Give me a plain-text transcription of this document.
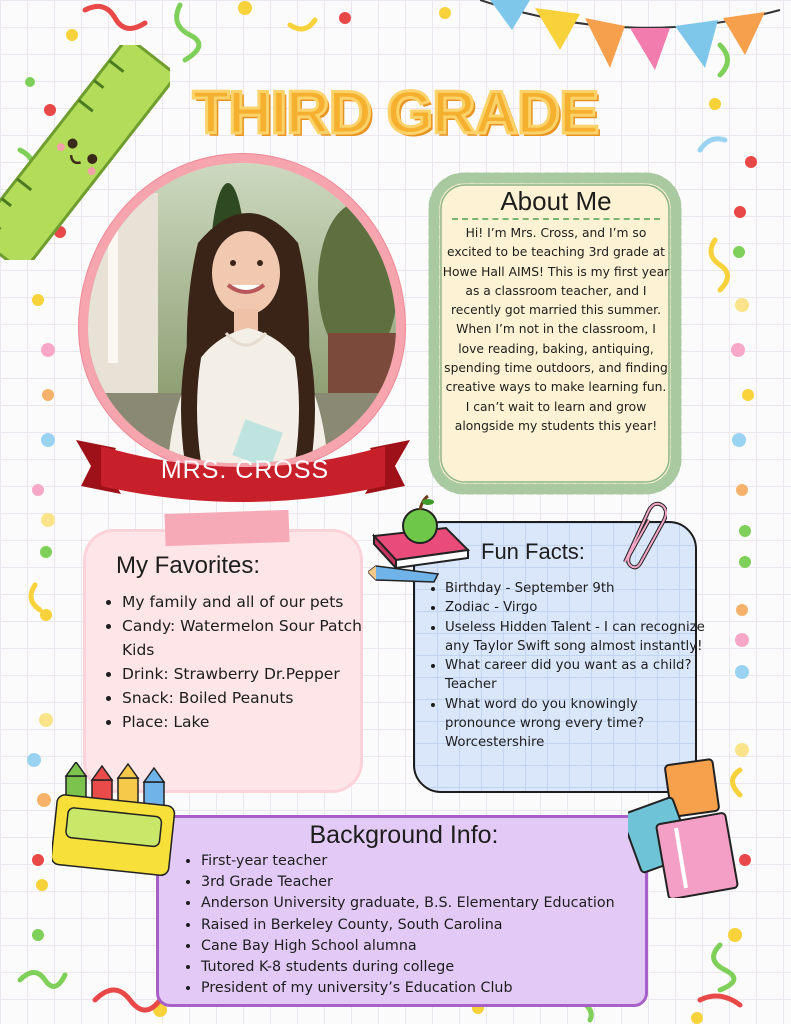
THIRD GRADE
MRS. CROSS
About Me
Hi! I’m Mrs. Cross, and I’m so excited to be teaching 3rd grade at Howe Hall AIMS! This is my first year as a classroom teacher, and I recently got married this summer. When I’m not in the classroom, I love reading, baking, antiquing, spending time outdoors, and finding creative ways to make learning fun. I can’t wait to learn and grow alongside my students this year!
My Favorites:
• My family and all of our pets
• Candy: Watermelon Sour Patch Kids
• Drink: Strawberry Dr.Pepper
• Snack: Boiled Peanuts
• Place: Lake
Fun Facts:
• Birthday - September 9th
• Zodiac - Virgo
• Useless Hidden Talent - I can recognize any Taylor Swift song almost instantly!
• What career did you want as a child? Teacher
• What word do you knowingly pronounce wrong every time? Worcestershire
Background Info:
• First-year teacher
• 3rd Grade Teacher
• Anderson University graduate, B.S. Elementary Education
• Raised in Berkeley County, South Carolina
• Cane Bay High School alumna
• Tutored K-8 students during college
• President of my university’s Education Club
